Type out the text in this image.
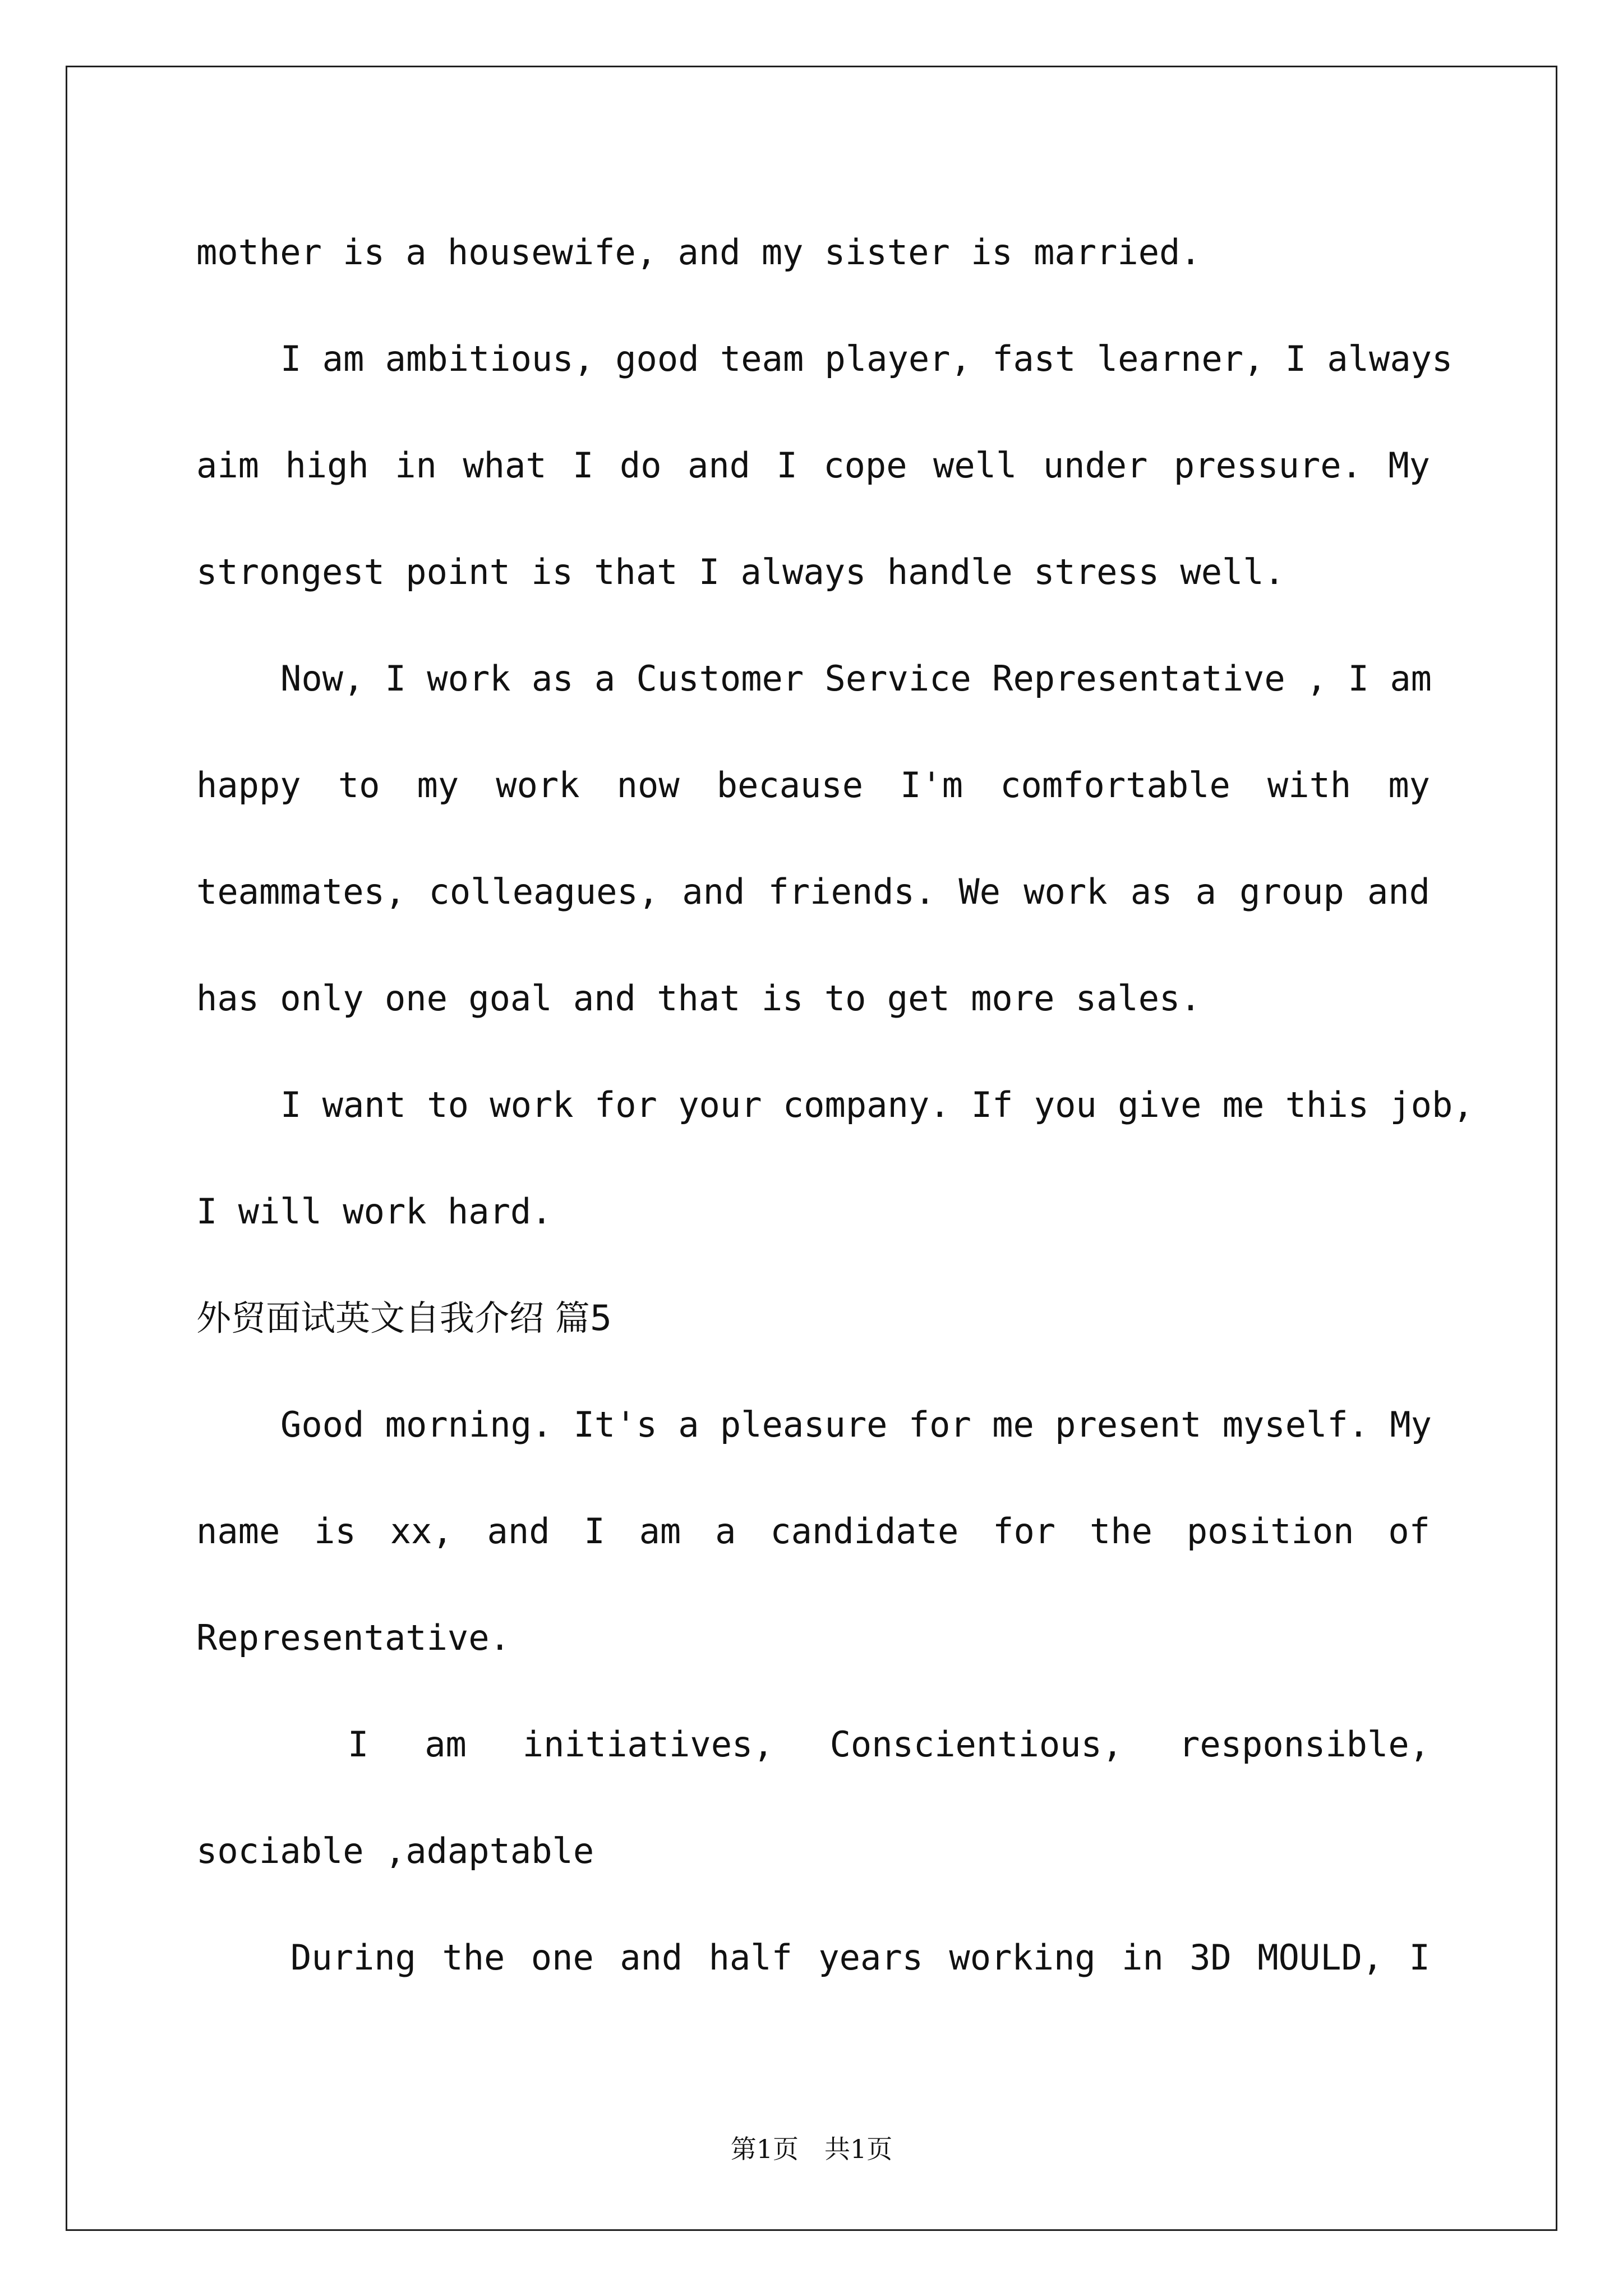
mother is a housewife, and my sister is married.
I am ambitious, good team player, fast learner, I always
aim high in what I do and I cope well under pressure. My
strongest point is that I always handle stress well.
Now, I work as a Customer Service Representative , I am
happy to my work now because I'm comfortable with my
teammates, colleagues, and friends. We work as a group and
has only one goal and that is to get more sales.
I want to work for your company. If you give me this job,
I will work hard.
外贸面试英文自我介绍 篇5
Good morning. It's a pleasure for me present myself. My
name is xx, and I am a candidate for the position of
Representative.
I am initiatives, Conscientious, responsible,
sociable ,adaptable
During the one and half years working in 3D MOULD, I
第1页　共1页
